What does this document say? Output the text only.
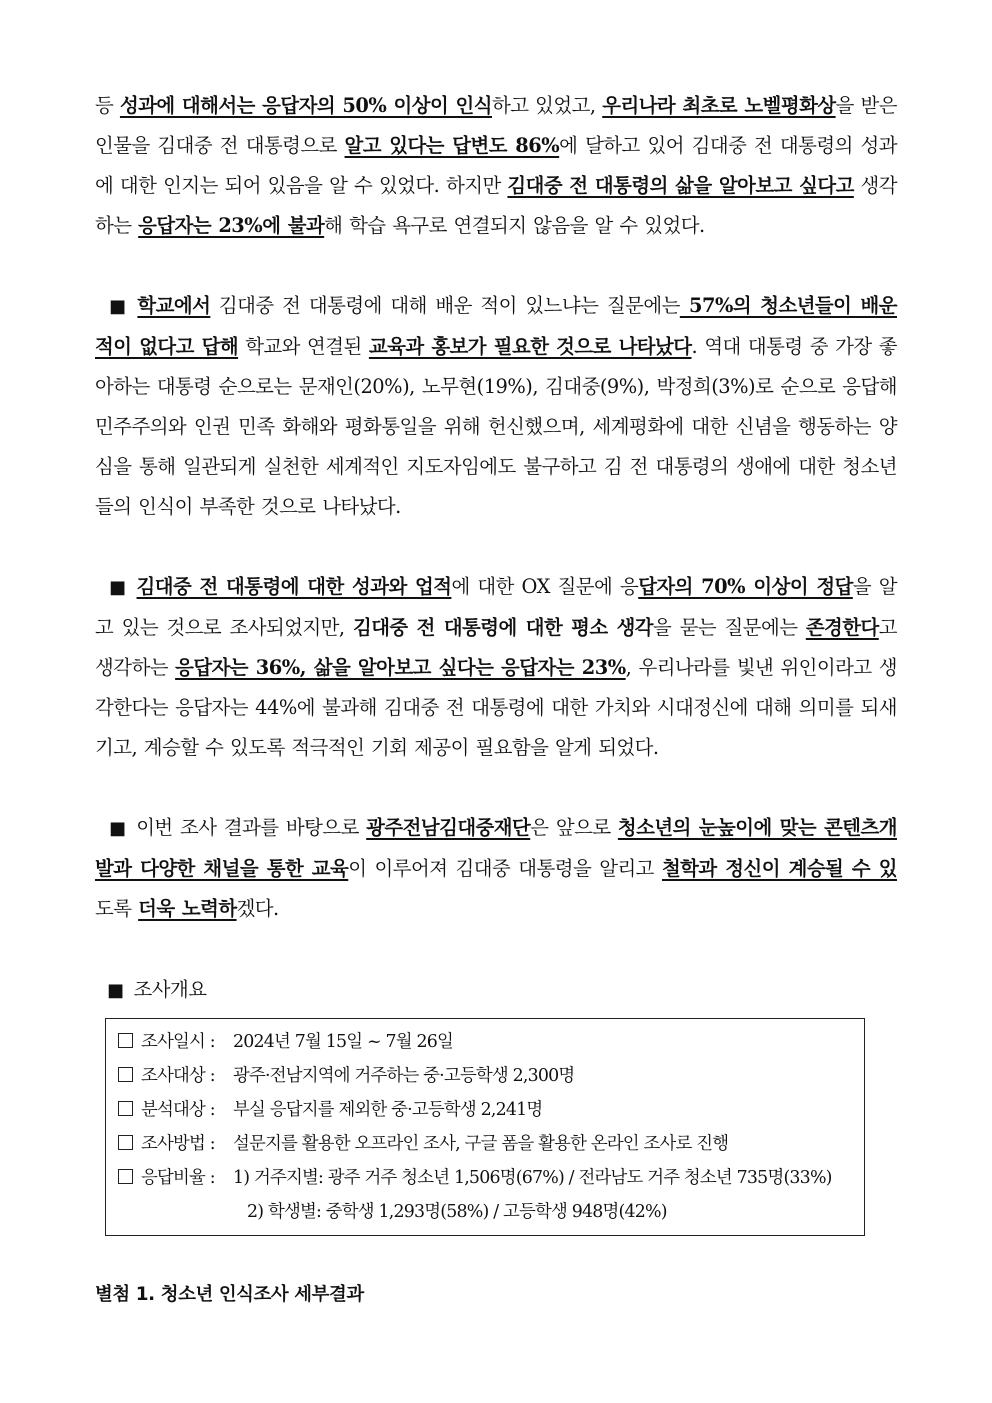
등 성과에 대해서는 응답자의 50% 이상이 인식하고 있었고, 우리나라 최초로 노벨평화상을 받은 인물을 김대중 전 대통령으로 알고 있다는 답변도 86%에 달하고 있어 김대중 전 대통령의 성과에 대한 인지는 되어 있음을 알 수 있었다. 하지만 김대중 전 대통령의 삶을 알아보고 싶다고 생각하는 응답자는 23%에 불과해 학습 욕구로 연결되지 않음을 알 수 있었다.

■ 학교에서 김대중 전 대통령에 대해 배운 적이 있느냐는 질문에는 57%의 청소년들이 배운 적이 없다고 답해 학교와 연결된 교육과 홍보가 필요한 것으로 나타났다. 역대 대통령 중 가장 좋아하는 대통령 순으로는 문재인(20%), 노무현(19%), 김대중(9%), 박정희(3%)로 순으로 응답해 민주주의와 인권 민족 화해와 평화통일을 위해 헌신했으며, 세계평화에 대한 신념을 행동하는 양심을 통해 일관되게 실천한 세계적인 지도자임에도 불구하고 김 전 대통령의 생애에 대한 청소년들의 인식이 부족한 것으로 나타났다.

■ 김대중 전 대통령에 대한 성과와 업적에 대한 OX 질문에 응답자의 70% 이상이 정답을 알고 있는 것으로 조사되었지만, 김대중 전 대통령에 대한 평소 생각을 묻는 질문에는 존경한다고 생각하는 응답자는 36%, 삶을 알아보고 싶다는 응답자는 23%, 우리나라를 빛낸 위인이라고 생각한다는 응답자는 44%에 불과해 김대중 전 대통령에 대한 가치와 시대정신에 대해 의미를 되새기고, 계승할 수 있도록 적극적인 기회 제공이 필요함을 알게 되었다.

■ 이번 조사 결과를 바탕으로 광주전남김대중재단은 앞으로 청소년의 눈높이에 맞는 콘텐츠개발과 다양한 채널을 통한 교육이 이루어져 김대중 대통령을 알리고 철학과 정신이 계승될 수 있도록 더욱 노력하겠다.

■ 조사개요

조사일시 : 2024년 7월 15일 ~ 7월 26일
조사대상 : 광주·전남지역에 거주하는 중·고등학생 2,300명
분석대상 : 부실 응답지를 제외한 중·고등학생 2,241명
조사방법 : 설문지를 활용한 오프라인 조사, 구글 폼을 활용한 온라인 조사로 진행
응답비율 : 1) 거주지별: 광주 거주 청소년 1,506명(67%) / 전라남도 거주 청소년 735명(33%)
2) 학생별: 중학생 1,293명(58%) / 고등학생 948명(42%)
별첨 1. 청소년 인식조사 세부결과
